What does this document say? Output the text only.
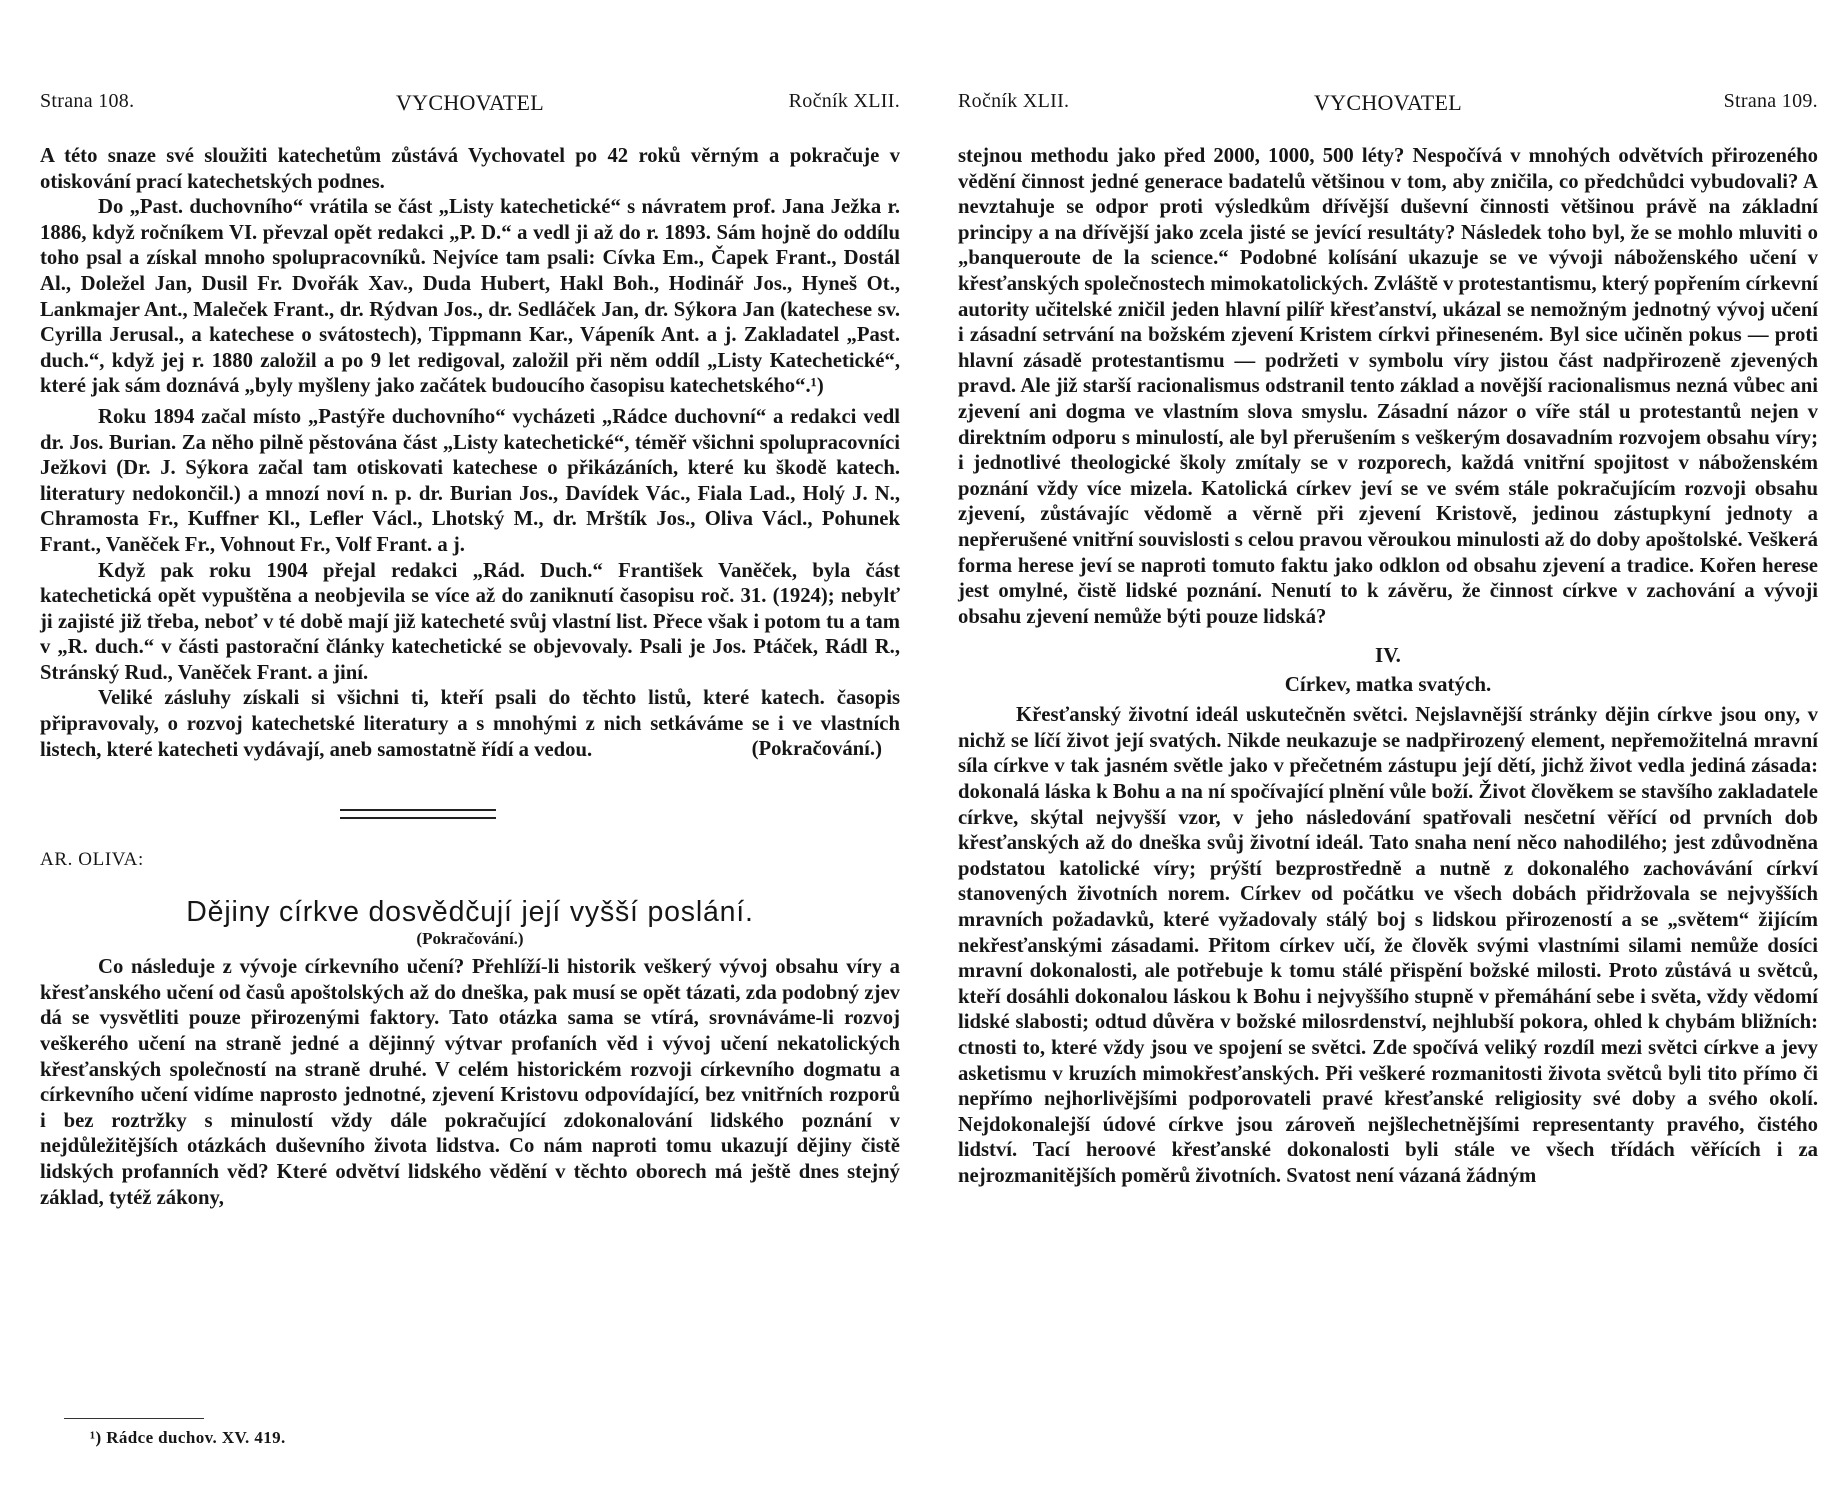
Strana 108.	VYCHOVATEL	Ročník XLII.

A této snaze své sloužiti katechetům zůstává Vychovatel po 42 roků věrným a pokračuje v otiskování prací katechetských podnes.

Do „Past. duchovního“ vrátila se část „Listy katechetické“ s návratem prof. Jana Ježka r. 1886, když ročníkem VI. převzal opět redakci „P. D.“ a vedl ji až do r. 1893. Sám hojně do oddílu toho psal a získal mnoho spolupracovníků. Nejvíce tam psali: Cívka Em., Čapek Frant., Dostál Al., Doležel Jan, Dusil Fr. Dvořák Xav., Duda Hubert, Hakl Boh., Hodinář Jos., Hyneš Ot., Lankmajer Ant., Maleček Frant., dr. Rýdvan Jos., dr. Sedláček Jan, dr. Sýkora Jan (katechese sv. Cyrilla Jerusal., a katechese o svátostech), Tippmann Kar., Vápeník Ant. a j. Zakladatel „Past. duch.“, když jej r. 1880 založil a po 9 let redigoval, založil při něm oddíl „Listy Katechetické“, které jak sám doznává „byly myšleny jako začátek budoucího časopisu katechetského“.¹)

Roku 1894 začal místo „Pastýře duchovního“ vycházeti „Rádce duchovní“ a redakci vedl dr. Jos. Burian. Za něho pilně pěstována část „Listy katechetické“, téměř všichni spolupracovníci Ježkovi (Dr. J. Sýkora začal tam otiskovati katechese o přikázáních, které ku škodě katech. literatury nedokončil.) a mnozí noví n. p. dr. Burian Jos., Davídek Vác., Fiala Lad., Holý J. N., Chramosta Fr., Kuffner Kl., Lefler Václ., Lhotský M., dr. Mrštík Jos., Oliva Václ., Pohunek Frant., Vaněček Fr., Vohnout Fr., Volf Frant. a j.

Když pak roku 1904 přejal redakci „Rád. Duch.“ František Vaněček, byla část katechetická opět vypuštěna a neobjevila se více až do zaniknutí časopisu roč. 31. (1924); nebylť ji zajisté již třeba, neboť v té době mají již katecheté svůj vlastní list. Přece však i potom tu a tam v „R. duch.“ v části pastorační články katechetické se objevovaly. Psali je Jos. Ptáček, Rádl R., Stránský Rud., Vaněček Frant. a jiní.

Veliké zásluhy získali si všichni ti, kteří psali do těchto listů, které katech. časopis připravovaly, o rozvoj katechetské literatury a s mnohými z nich setkáváme se i ve vlastních listech, které katecheti vydávají, aneb samostatně řídí a vedou.	(Pokračování.)
AR. OLIVA:
Dějiny církve dosvědčují její vyšší poslání.
(Pokračování.)

Co následuje z vývoje církevního učení? Přehlíží-li historik veškerý vývoj obsahu víry a křesťanského učení od časů apoštolských až do dneška, pak musí se opět tázati, zda podobný zjev dá se vysvětliti pouze přirozenými faktory. Tato otázka sama se vtírá, srovnáváme-li rozvoj veškerého učení na straně jedné a dějinný výtvar profaních věd i vývoj učení nekatolických křesťanských společností na straně druhé. V celém historickém rozvoji církevního dogmatu a církevního učení vidíme naprosto jednotné, zjevení Kristovu odpovídající, bez vnitřních rozporů i bez roztržky s minulostí vždy dále pokračující zdokonalování lidského poznání v nejdůležitějších otázkách duševního života lidstva. Co nám naproti tomu ukazují dějiny čistě lidských profanních věd? Které odvětví lidského vědění v těchto oborech má ještě dnes stejný základ, tytéž zákony,

¹) Rádce duchov. XV. 419.
Ročník XLII.	VYCHOVATEL	Strana 109.

stejnou methodu jako před 2000, 1000, 500 léty? Nespočívá v mnohých odvětvích přirozeného vědění činnost jedné generace badatelů většinou v tom, aby zničila, co předchůdci vybudovali? A nevztahuje se odpor proti výsledkům dřívější duševní činnosti většinou právě na základní principy a na dřívější jako zcela jisté se jevící resultáty? Následek toho byl, že se mohlo mluviti o „banqueroute de la science.“ Podobné kolísání ukazuje se ve vývoji náboženského učení v křesťanských společnostech mimokatolických. Zvláště v protestantismu, který popřením církevní autority učitelské zničil jeden hlavní pilíř křesťanství, ukázal se nemožným jednotný vývoj učení i zásadní setrvání na božském zjevení Kristem církvi přineseném. Byl sice učiněn pokus — proti hlavní zásadě protestantismu — podržeti v symbolu víry jistou část nadpřirozeně zjevených pravd. Ale již starší racionalismus odstranil tento základ a novější racionalismus nezná vůbec ani zjevení ani dogma ve vlastním slova smyslu. Zásadní názor o víře stál u protestantů nejen v direktním odporu s minulostí, ale byl přerušením s veškerým dosavadním rozvojem obsahu víry; i jednotlivé theologické školy zmítaly se v rozporech, každá vnitřní spojitost v náboženském poznání vždy více mizela. Katolická církev jeví se ve svém stále pokračujícím rozvoji obsahu zjevení, zůstávajíc vědomě a věrně při zjevení Kristově, jedinou zástupkyní jednoty a nepřerušené vnitřní souvislosti s celou pravou věroukou minulosti až do doby apoštolské. Veškerá forma herese jeví se naproti tomuto faktu jako odklon od obsahu zjevení a tradice. Kořen herese jest omylné, čistě lidské poznání. Nenutí to k závěru, že činnost církve v zachování a vývoji obsahu zjevení nemůže býti pouze lidská?

IV.
Církev, matka svatých.

Křesťanský životní ideál uskutečněn světci. Nejslavnější stránky dějin církve jsou ony, v nichž se líčí život její svatých. Nikde neukazuje se nadpřirozený element, nepřemožitelná mravní síla církve v tak jasném světle jako v přečetném zástupu její dětí, jichž život vedla jediná zásada: dokonalá láska k Bohu a na ní spočívající plnění vůle boží. Život člověkem se stavšího zakladatele církve, skýtal nejvyšší vzor, v jeho následování spatřovali nesčetní věřící od prvních dob křesťanských až do dneška svůj životní ideál. Tato snaha není něco nahodilého; jest zdůvodněna podstatou katolické víry; prýští bezprostředně a nutně z dokonalého zachovávání církví stanovených životních norem. Církev od počátku ve všech dobách přidržovala se nejvyšších mravních požadavků, které vyžadovaly stálý boj s lidskou přirozeností a se „světem“ žijícím nekřesťanskými zásadami. Přitom církev učí, že člověk svými vlastními silami nemůže dosíci mravní dokonalosti, ale potřebuje k tomu stálé přispění božské milosti. Proto zůstává u světců, kteří dosáhli dokonalou láskou k Bohu i nejvyššího stupně v přemáhání sebe i světa, vždy vědomí lidské slabosti; odtud důvěra v božské milosrdenství, nejhlubší pokora, ohled k chybám bližních: ctnosti to, které vždy jsou ve spojení se světci. Zde spočívá veliký rozdíl mezi světci církve a jevy asketismu v kruzích mimokřesťanských. Při veškeré rozmanitosti života světců byli tito přímo či nepřímo nejhorlivějšími podporovateli pravé křesťanské religiosity své doby a svého okolí. Nejdokonalejší údové církve jsou zároveň nejšlechetnějšími representanty pravého, čistého lidství. Tací heroové křesťanské dokonalosti byli stále ve všech třídách věřících i za nejrozmanitějších poměrů životních. Svatost není vázaná žádným
